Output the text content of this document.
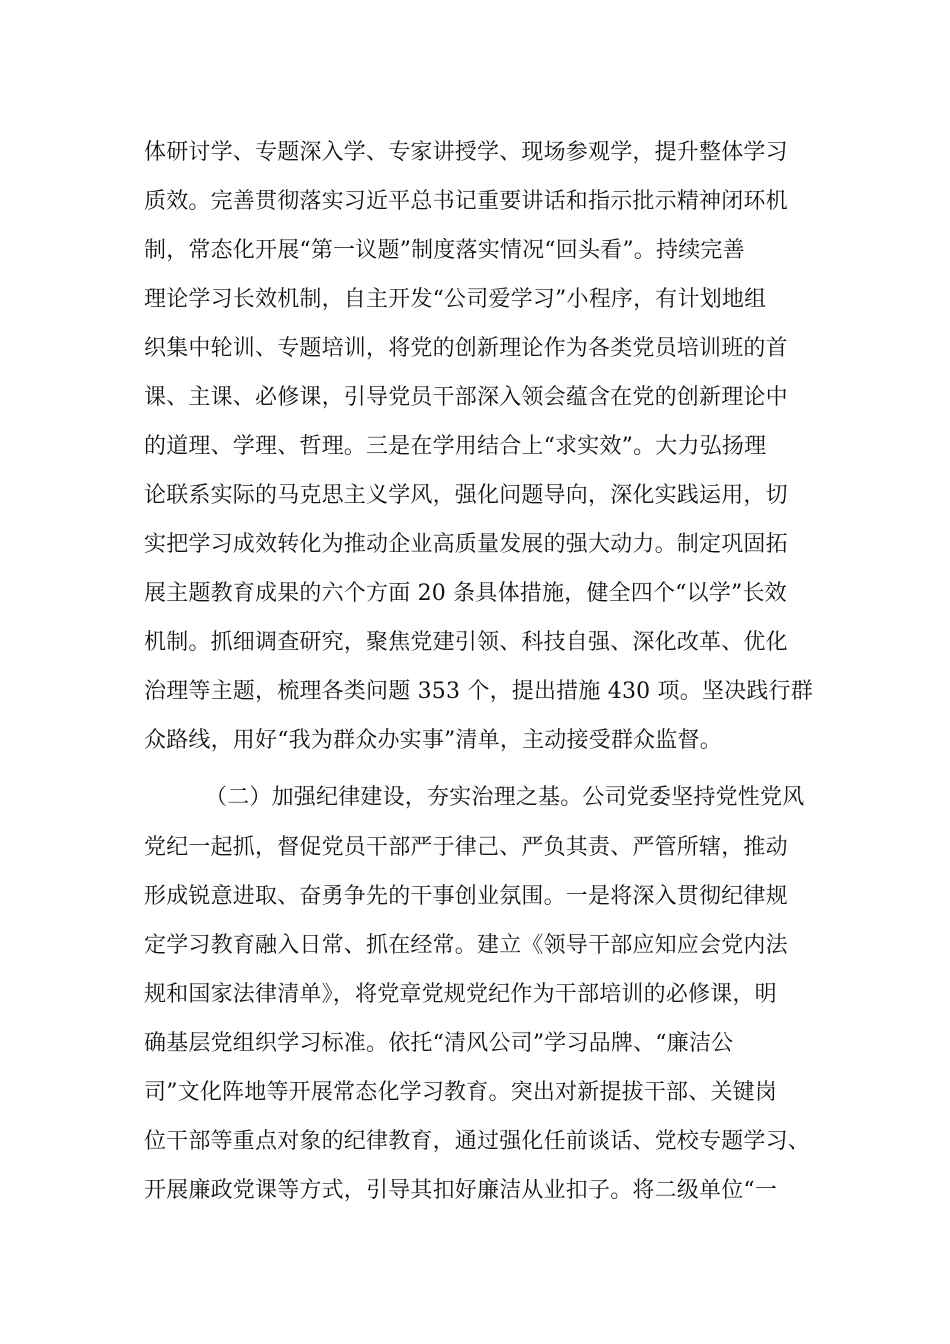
体研讨学、专题深入学、专家讲授学、现场参观学，提升整体学习
质效。完善贯彻落实习近平总书记重要讲话和指示批示精神闭环机
制，常态化开展“第一议题”制度落实情况“回头看”。持续完善
理论学习长效机制，自主开发“公司爱学习”小程序，有计划地组
织集中轮训、专题培训，将党的创新理论作为各类党员培训班的首
课、主课、必修课，引导党员干部深入领会蕴含在党的创新理论中
的道理、学理、哲理。三是在学用结合上“求实效”。大力弘扬理
论联系实际的马克思主义学风，强化问题导向，深化实践运用，切
实把学习成效转化为推动企业高质量发展的强大动力。制定巩固拓
展主题教育成果的六个方面 20 条具体措施，健全四个“以学”长效
机制。抓细调查研究，聚焦党建引领、科技自强、深化改革、优化
治理等主题，梳理各类问题 353 个，提出措施 430 项。坚决践行群
众路线，用好“我为群众办实事”清单，主动接受群众监督。
（二）加强纪律建设，夯实治理之基。公司党委坚持党性党风
党纪一起抓，督促党员干部严于律己、严负其责、严管所辖，推动
形成锐意进取、奋勇争先的干事创业氛围。一是将深入贯彻纪律规
定学习教育融入日常、抓在经常。建立《领导干部应知应会党内法
规和国家法律清单》，将党章党规党纪作为干部培训的必修课，明
确基层党组织学习标准。依托“清风公司”学习品牌、“廉洁公
司”文化阵地等开展常态化学习教育。突出对新提拔干部、关键岗
位干部等重点对象的纪律教育，通过强化任前谈话、党校专题学习、
开展廉政党课等方式，引导其扣好廉洁从业扣子。将二级单位“一
